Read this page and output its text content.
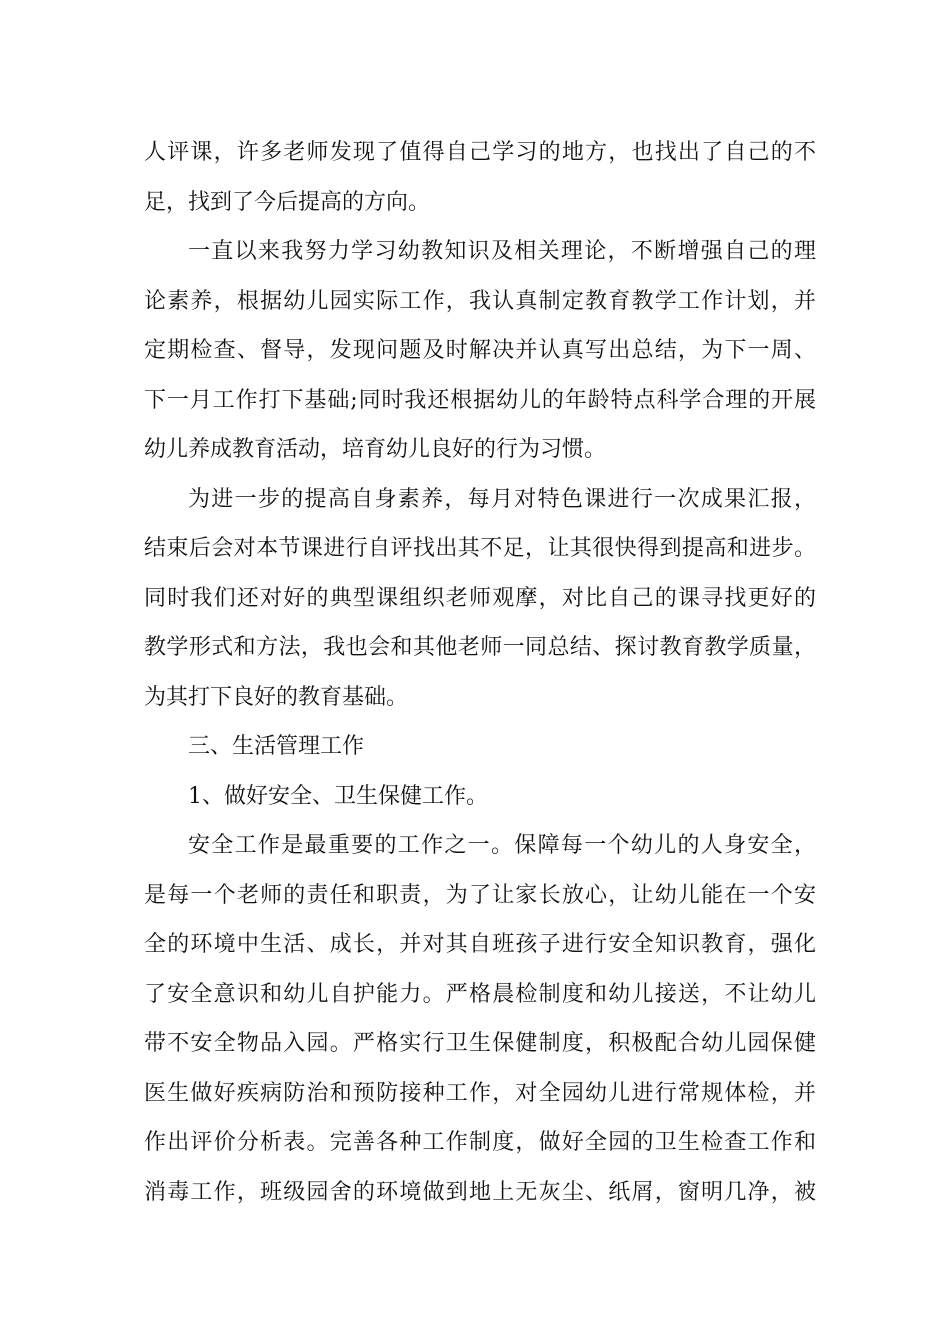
人评课，许多老师发现了值得自己学习的地方，也找出了自己的不
足，找到了今后提高的方向。
一直以来我努力学习幼教知识及相关理论，不断增强自己的理
论素养，根据幼儿园实际工作，我认真制定教育教学工作计划，并
定期检查、督导，发现问题及时解决并认真写出总结，为下一周、
下一月工作打下基础;同时我还根据幼儿的年龄特点科学合理的开展
幼儿养成教育活动，培育幼儿良好的行为习惯。
为进一步的提高自身素养，每月对特色课进行一次成果汇报，
结束后会对本节课进行自评找出其不足，让其很快得到提高和进步。
同时我们还对好的典型课组织老师观摩，对比自己的课寻找更好的
教学形式和方法，我也会和其他老师一同总结、探讨教育教学质量，
为其打下良好的教育基础。
三、生活管理工作
1、做好安全、卫生保健工作。
安全工作是最重要的工作之一。保障每一个幼儿的人身安全，
是每一个老师的责任和职责，为了让家长放心，让幼儿能在一个安
全的环境中生活、成长，并对其自班孩子进行安全知识教育，强化
了安全意识和幼儿自护能力。严格晨检制度和幼儿接送，不让幼儿
带不安全物品入园。严格实行卫生保健制度，积极配合幼儿园保健
医生做好疾病防治和预防接种工作，对全园幼儿进行常规体检，并
作出评价分析表。完善各种工作制度，做好全园的卫生检查工作和
消毒工作，班级园舍的环境做到地上无灰尘、纸屑，窗明几净，被
